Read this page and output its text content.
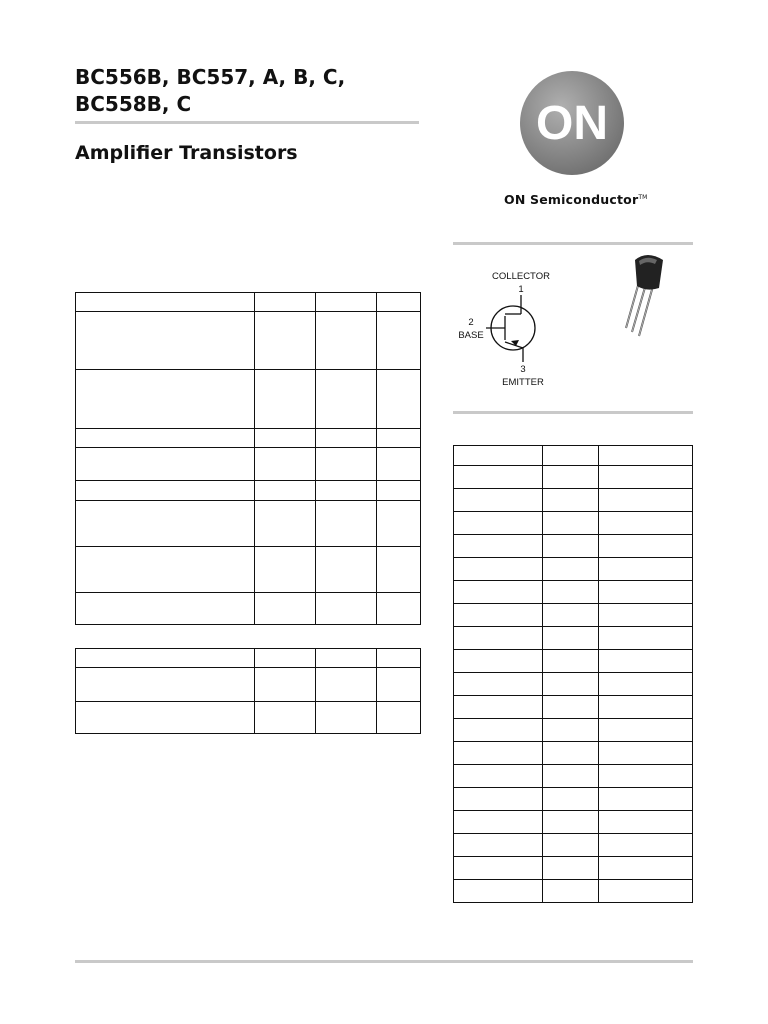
BC556B, BC557, A, B, C,
BC558B, C
Amplifier Transistors
ON
ON Semiconductor™
COLLECTOR
1
2
BASE
3
EMITTER
